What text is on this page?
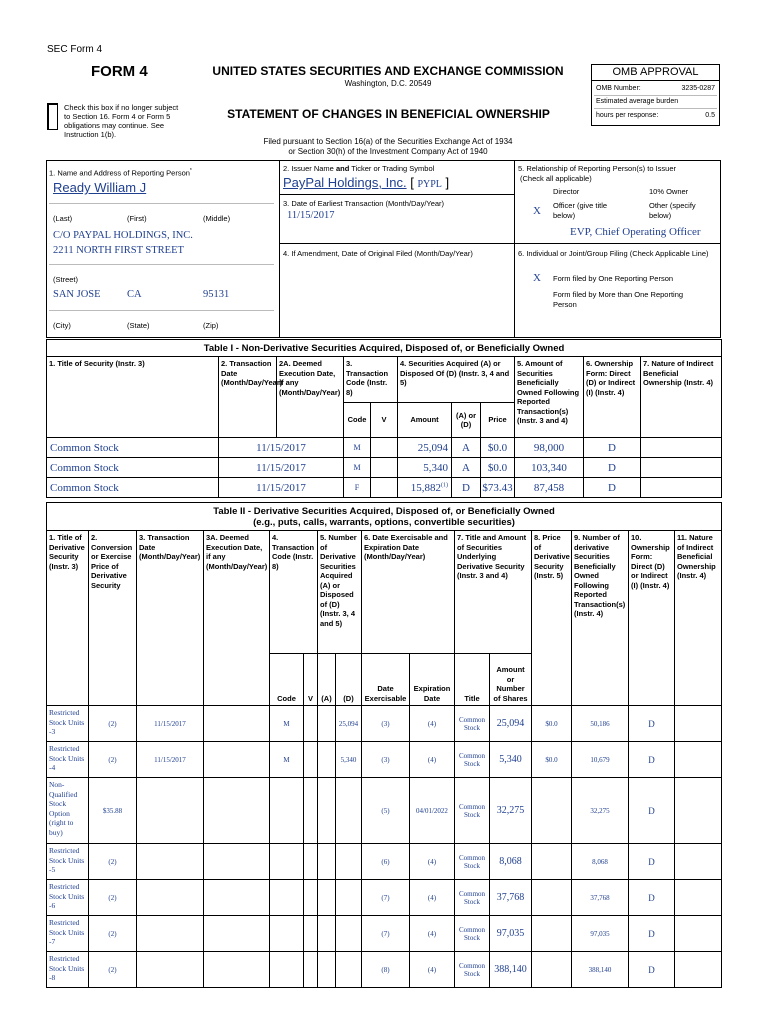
SEC Form 4
FORM 4	UNITED STATES SECURITIES AND EXCHANGE COMMISSION
Washington, D.C. 20549
Check this box if no longer subject to Section 16. Form 4 or Form 5 obligations may continue. See Instruction 1(b).
STATEMENT OF CHANGES IN BENEFICIAL OWNERSHIP
Filed pursuant to Section 16(a) of the Securities Exchange Act of 1934
or Section 30(h) of the Investment Company Act of 1940
OMB APPROVAL
OMB Number:	3235-0287
Estimated average burden
hours per response:	0.5
1. Name and Address of Reporting Person*
Ready William J
(Last)	(First)	(Middle)
C/O PAYPAL HOLDINGS, INC.
2211 NORTH FIRST STREET
(Street)
SAN JOSE	CA	95131
(City)	(State)	(Zip)
2. Issuer Name and Ticker or Trading Symbol
PayPal Holdings, Inc. [ PYPL ]
3. Date of Earliest Transaction (Month/Day/Year)
11/15/2017
4. If Amendment, Date of Original Filed (Month/Day/Year)
5. Relationship of Reporting Person(s) to Issuer
(Check all applicable)
Director	10% Owner
X Officer (give title below)
Other (specify below)
EVP, Chief Operating Officer
6. Individual or Joint/Group Filing (Check Applicable Line)
X Form filed by One Reporting Person
Form filed by More than One Reporting Person
Table I - Non-Derivative Securities Acquired, Disposed of, or Beneficially Owned										
1. Title of Security (Instr. 3)	2. Transaction Date (Month/Day/Year)	2A. Deemed Execution Date, if any (Month/Day/Year)	3. Transaction Code (Instr. 8)		4. Securities Acquired (A) or Disposed Of (D) (Instr. 3, 4 and 5)			5. Amount of Securities Beneficially Owned Following Reported Transaction(s) (Instr. 3 and 4)	6. Ownership Form: Direct (D) or Indirect (I) (Instr. 4)	7. Nature of Indirect Beneficial Ownership (Instr. 4)
			Code	V	Amount	(A) or (D)	Price			
Common Stock	11/15/2017		M		25,094	A	$0.0	98,000	D	
Common Stock	11/15/2017		M		5,340	A	$0.0	103,340	D	
Common Stock	11/15/2017		F		15,882$^{(1)}$	D	$73.43	87,458	D	
Table II - Derivative Securities Acquired, Disposed of, or Beneficially Owned
(e.g., puts, calls, warrants, options, convertible securities)															

1. Title of Derivative Security (Instr. 3)	2. Conversion or Exercise Price of Derivative Security	3. Transaction Date (Month/Day/Year)	3A. Deemed Execution Date, if any (Month/Day/Year)	4. Transaction Code (Instr. 8)		5. Number of Derivative Securities Acquired (A) or Disposed of (D) (Instr. 3, 4 and 5)		6. Date Exercisable and Expiration Date (Month/Day/Year)		7. Title and Amount of Securities Underlying Derivative Security (Instr. 3 and 4)		8. Price of Derivative Security (Instr. 5)	9. Number of derivative Securities Beneficially Owned Following Reported Transaction(s) (Instr. 4)	10. Ownership Form: Direct (D) or Indirect (I) (Instr. 4)	11. Nature of Indirect Beneficial Ownership (Instr. 4)
				Code	V	(A)	(D)	Date Exercisable	Expiration Date	Title	Amount or Number of Shares				
Restricted Stock Units -3	(2)	11/15/2017		M			25,094	(3)	(4)	Common Stock	25,094	$0.0	50,186	D	
Restricted Stock Units -4	(2)	11/15/2017		M			5,340	(3)	(4)	Common Stock	5,340	$0.0	10,679	D	
Non-Qualified Stock Option (right to buy)	$35.88							(5)	04/01/2022	Common Stock	32,275		32,275	D	
Restricted Stock Units -5	(2)							(6)	(4)	Common Stock	8,068		8,068	D	
Restricted Stock Units -6	(2)							(7)	(4)	Common Stock	37,768		37,768	D	
Restricted Stock Units -7	(2)							(7)	(4)	Common Stock	97,035		97,035	D	
Restricted Stock Units -8	(2)							(8)	(4)	Common Stock	388,140		388,140	D	
